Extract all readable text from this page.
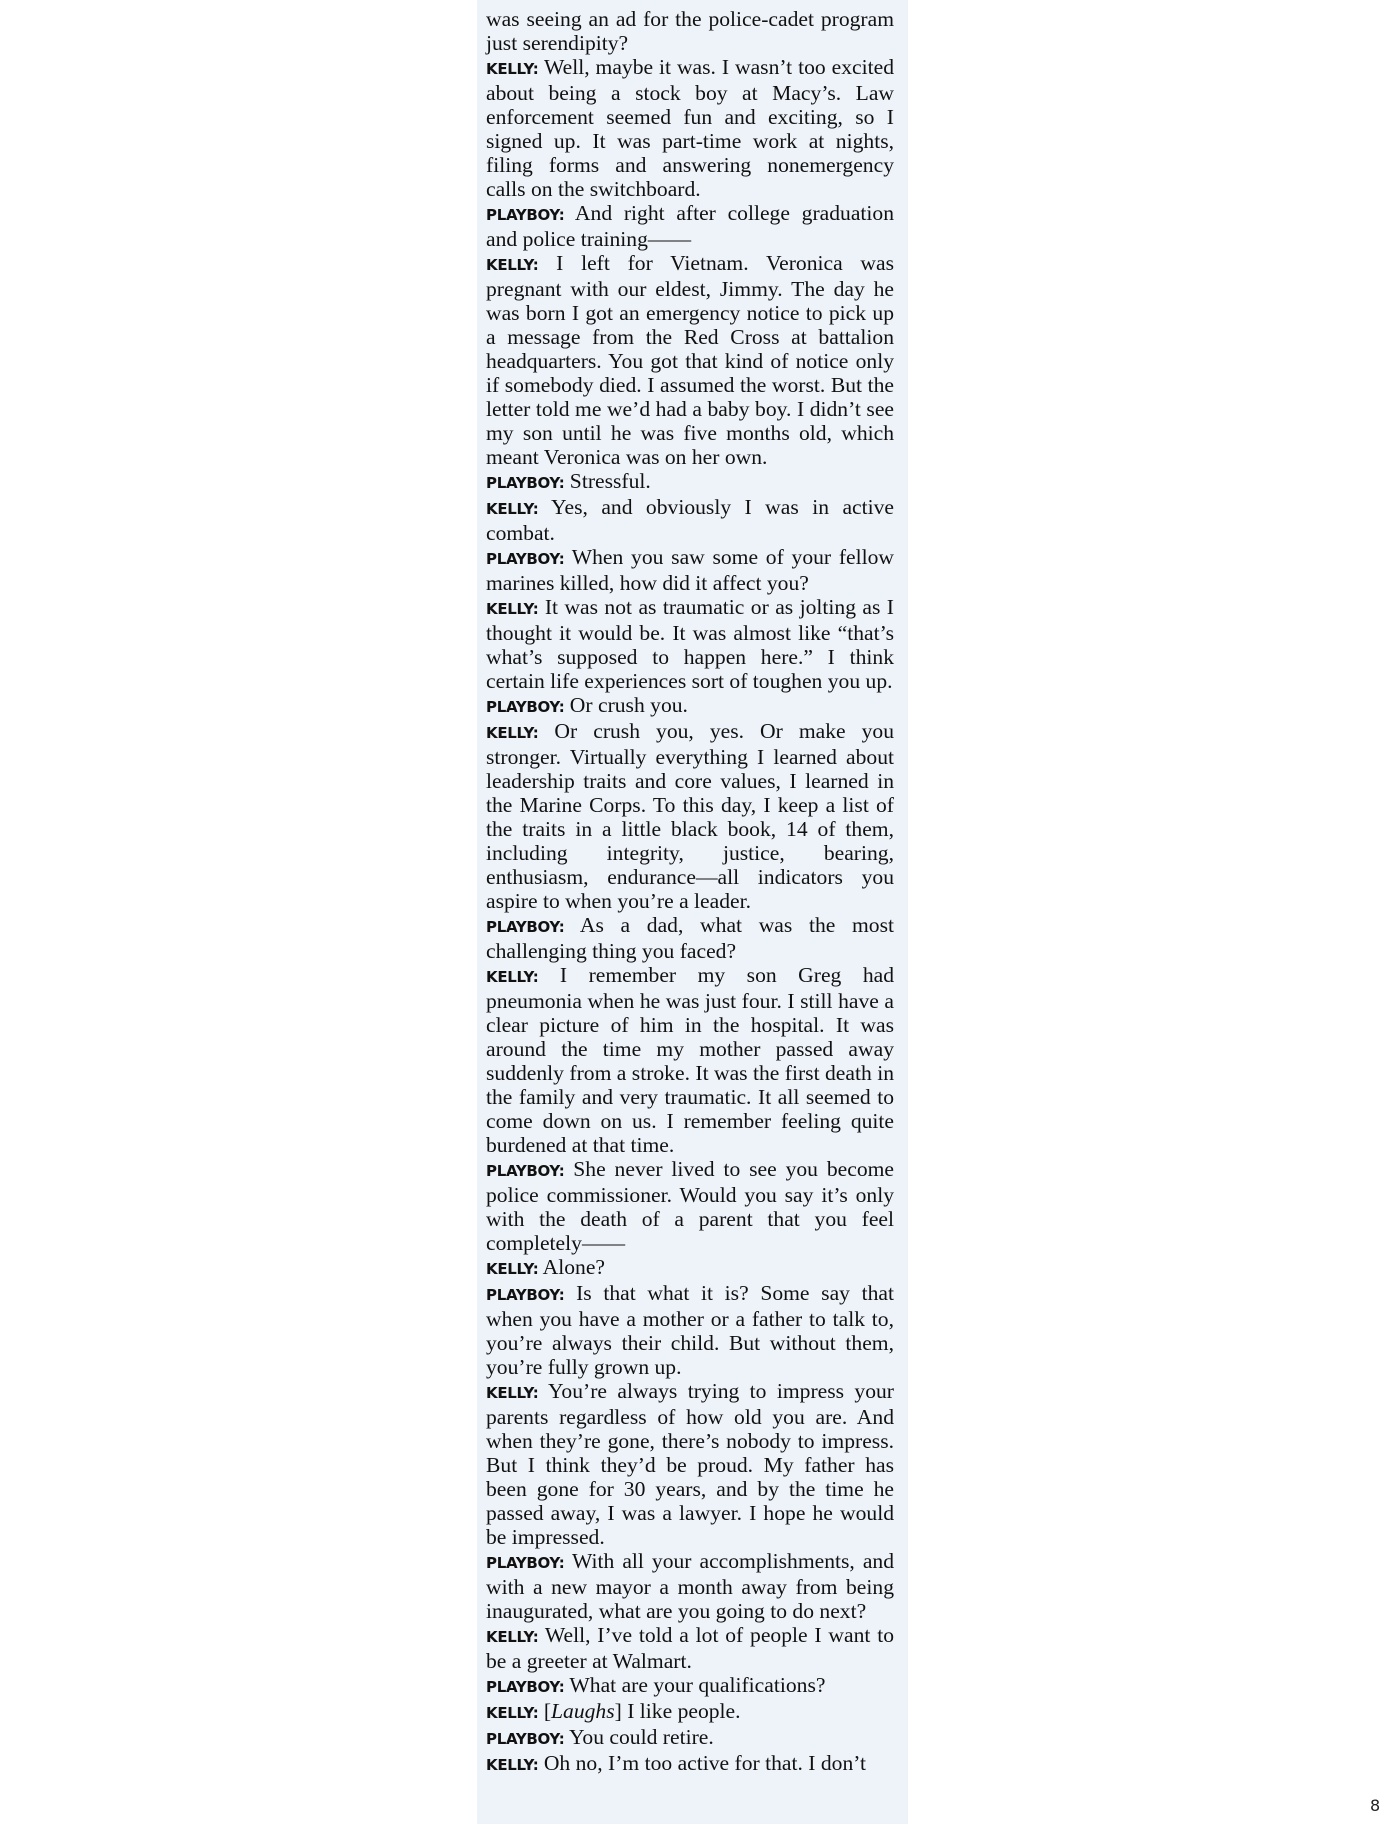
was seeing an ad for the police-cadet program just serendipity?

KELLY: Well, maybe it was. I wasn’t too excited about being a stock boy at Macy’s. Law enforcement seemed fun and exciting, so I signed up. It was part-time work at nights, filing forms and answering nonemergency calls on the switchboard.

PLAYBOY: And right after college graduation and police training——

KELLY: I left for Vietnam. Veronica was pregnant with our eldest, Jimmy. The day he was born I got an emergency notice to pick up a message from the Red Cross at battalion headquarters. You got that kind of notice only if somebody died. I assumed the worst. But the letter told me we’d had a baby boy. I didn’t see my son until he was five months old, which meant Veronica was on her own.

PLAYBOY: Stressful.

KELLY: Yes, and obviously I was in active combat.

PLAYBOY: When you saw some of your fellow marines killed, how did it affect you?

KELLY: It was not as traumatic or as jolting as I thought it would be. It was almost like “that’s what’s supposed to happen here.” I think certain life experiences sort of toughen you up.

PLAYBOY: Or crush you.

KELLY: Or crush you, yes. Or make you stronger. Virtually everything I learned about leadership traits and core values, I learned in the Marine Corps. To this day, I keep a list of the traits in a little black book, 14 of them, including integrity, justice, bearing, enthusiasm, endurance—all indicators you aspire to when you’re a leader.

PLAYBOY: As a dad, what was the most challenging thing you faced?

KELLY: I remember my son Greg had pneumonia when he was just four. I still have a clear picture of him in the hospital. It was around the time my mother passed away suddenly from a stroke. It was the first death in the family and very traumatic. It all seemed to come down on us. I remember feeling quite burdened at that time.

PLAYBOY: She never lived to see you become police commissioner. Would you say it’s only with the death of a parent that you feel completely——

KELLY: Alone?

PLAYBOY: Is that what it is? Some say that when you have a mother or a father to talk to, you’re always their child. But without them, you’re fully grown up.

KELLY: You’re always trying to impress your parents regardless of how old you are. And when they’re gone, there’s nobody to impress. But I think they’d be proud. My father has been gone for 30 years, and by the time he passed away, I was a lawyer. I hope he would be impressed.

PLAYBOY: With all your accomplishments, and with a new mayor a month away from being inaugurated, what are you going to do next?

KELLY: Well, I’ve told a lot of people I want to be a greeter at Walmart.

PLAYBOY: What are your qualifications?

KELLY: [Laughs] I like people.

PLAYBOY: You could retire.

KELLY: Oh no, I’m too active for that. I don’t

8
